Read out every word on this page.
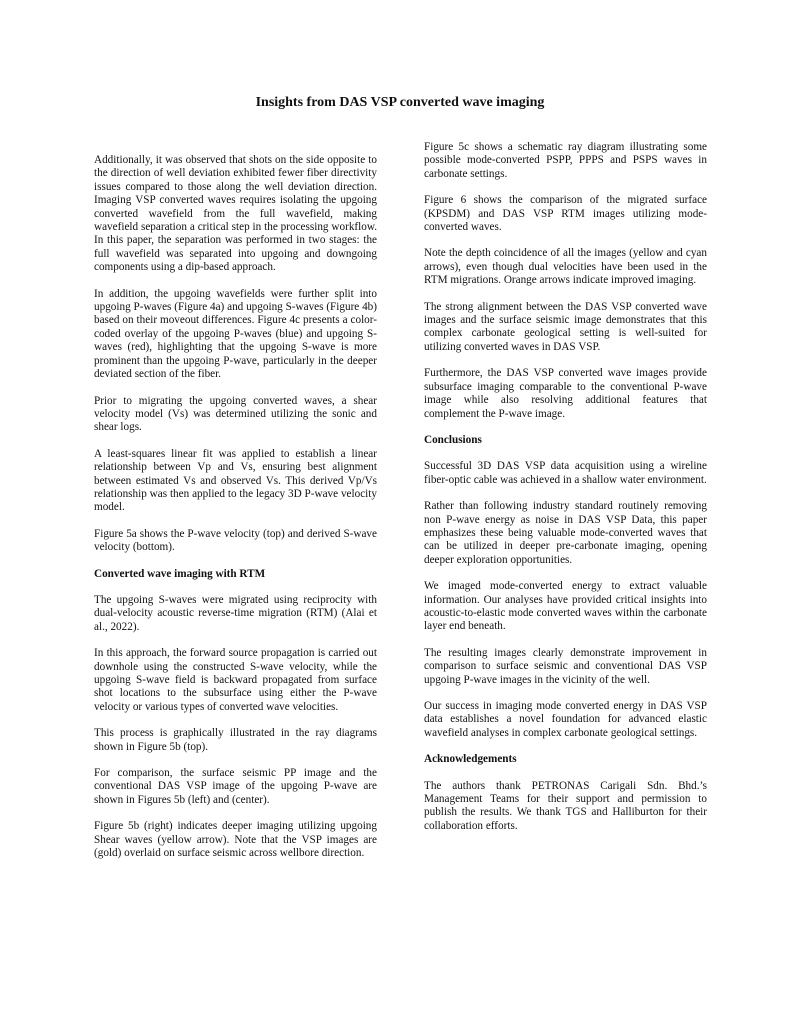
Insights from DAS VSP converted wave imaging

Additionally, it was observed that shots on the side opposite to the direction of well deviation exhibited fewer fiber directivity issues compared to those along the well deviation direction. Imaging VSP converted waves requires isolating the upgoing converted wavefield from the full wavefield, making wavefield separation a critical step in the processing workflow. In this paper, the separation was performed in two stages: the full wavefield was separated into upgoing and downgoing components using a dip-based approach.

In addition, the upgoing wavefields were further split into upgoing P-waves (Figure 4a) and upgoing S-waves (Figure 4b) based on their moveout differences. Figure 4c presents a color-coded overlay of the upgoing P-waves (blue) and upgoing S-waves (red), highlighting that the upgoing S-wave is more prominent than the upgoing P-wave, particularly in the deeper deviated section of the fiber.

Prior to migrating the upgoing converted waves, a shear velocity model (Vs) was determined utilizing the sonic and shear logs.

A least-squares linear fit was applied to establish a linear relationship between Vp and Vs, ensuring best alignment between estimated Vs and observed Vs. This derived Vp/Vs relationship was then applied to the legacy 3D P-wave velocity model.

Figure 5a shows the P-wave velocity (top) and derived S-wave velocity (bottom).

Converted wave imaging with RTM

The upgoing S-waves were migrated using reciprocity with dual-velocity acoustic reverse-time migration (RTM) (Alai et al., 2022).

In this approach, the forward source propagation is carried out downhole using the constructed S-wave velocity, while the upgoing S-wave field is backward propagated from surface shot locations to the subsurface using either the P-wave velocity or various types of converted wave velocities.

This process is graphically illustrated in the ray diagrams shown in Figure 5b (top).

For comparison, the surface seismic PP image and the conventional DAS VSP image of the upgoing P-wave are shown in Figures 5b (left) and (center).

Figure 5b (right) indicates deeper imaging utilizing upgoing Shear waves (yellow arrow). Note that the VSP images are (gold) overlaid on surface seismic across wellbore direction.

Figure 5c shows a schematic ray diagram illustrating some possible mode-converted PSPP, PPPS and PSPS waves in carbonate settings.

Figure 6 shows the comparison of the migrated surface (KPSDM) and DAS VSP RTM images utilizing mode-converted waves.

Note the depth coincidence of all the images (yellow and cyan arrows), even though dual velocities have been used in the RTM migrations. Orange arrows indicate improved imaging.

The strong alignment between the DAS VSP converted wave images and the surface seismic image demonstrates that this complex carbonate geological setting is well-suited for utilizing converted waves in DAS VSP.

Furthermore, the DAS VSP converted wave images provide subsurface imaging comparable to the conventional P-wave image while also resolving additional features that complement the P-wave image.

Conclusions

Successful 3D DAS VSP data acquisition using a wireline fiber-optic cable was achieved in a shallow water environment.

Rather than following industry standard routinely removing non P-wave energy as noise in DAS VSP Data, this paper emphasizes these being valuable mode-converted waves that can be utilized in deeper pre-carbonate imaging, opening deeper exploration opportunities.

We imaged mode-converted energy to extract valuable information. Our analyses have provided critical insights into acoustic-to-elastic mode converted waves within the carbonate layer end beneath.

The resulting images clearly demonstrate improvement in comparison to surface seismic and conventional DAS VSP upgoing P-wave images in the vicinity of the well.

Our success in imaging mode converted energy in DAS VSP data establishes a novel foundation for advanced elastic wavefield analyses in complex carbonate geological settings.

Acknowledgements

The authors thank PETRONAS Carigali Sdn. Bhd.’s Management Teams for their support and permission to publish the results. We thank TGS and Halliburton for their collaboration efforts.
